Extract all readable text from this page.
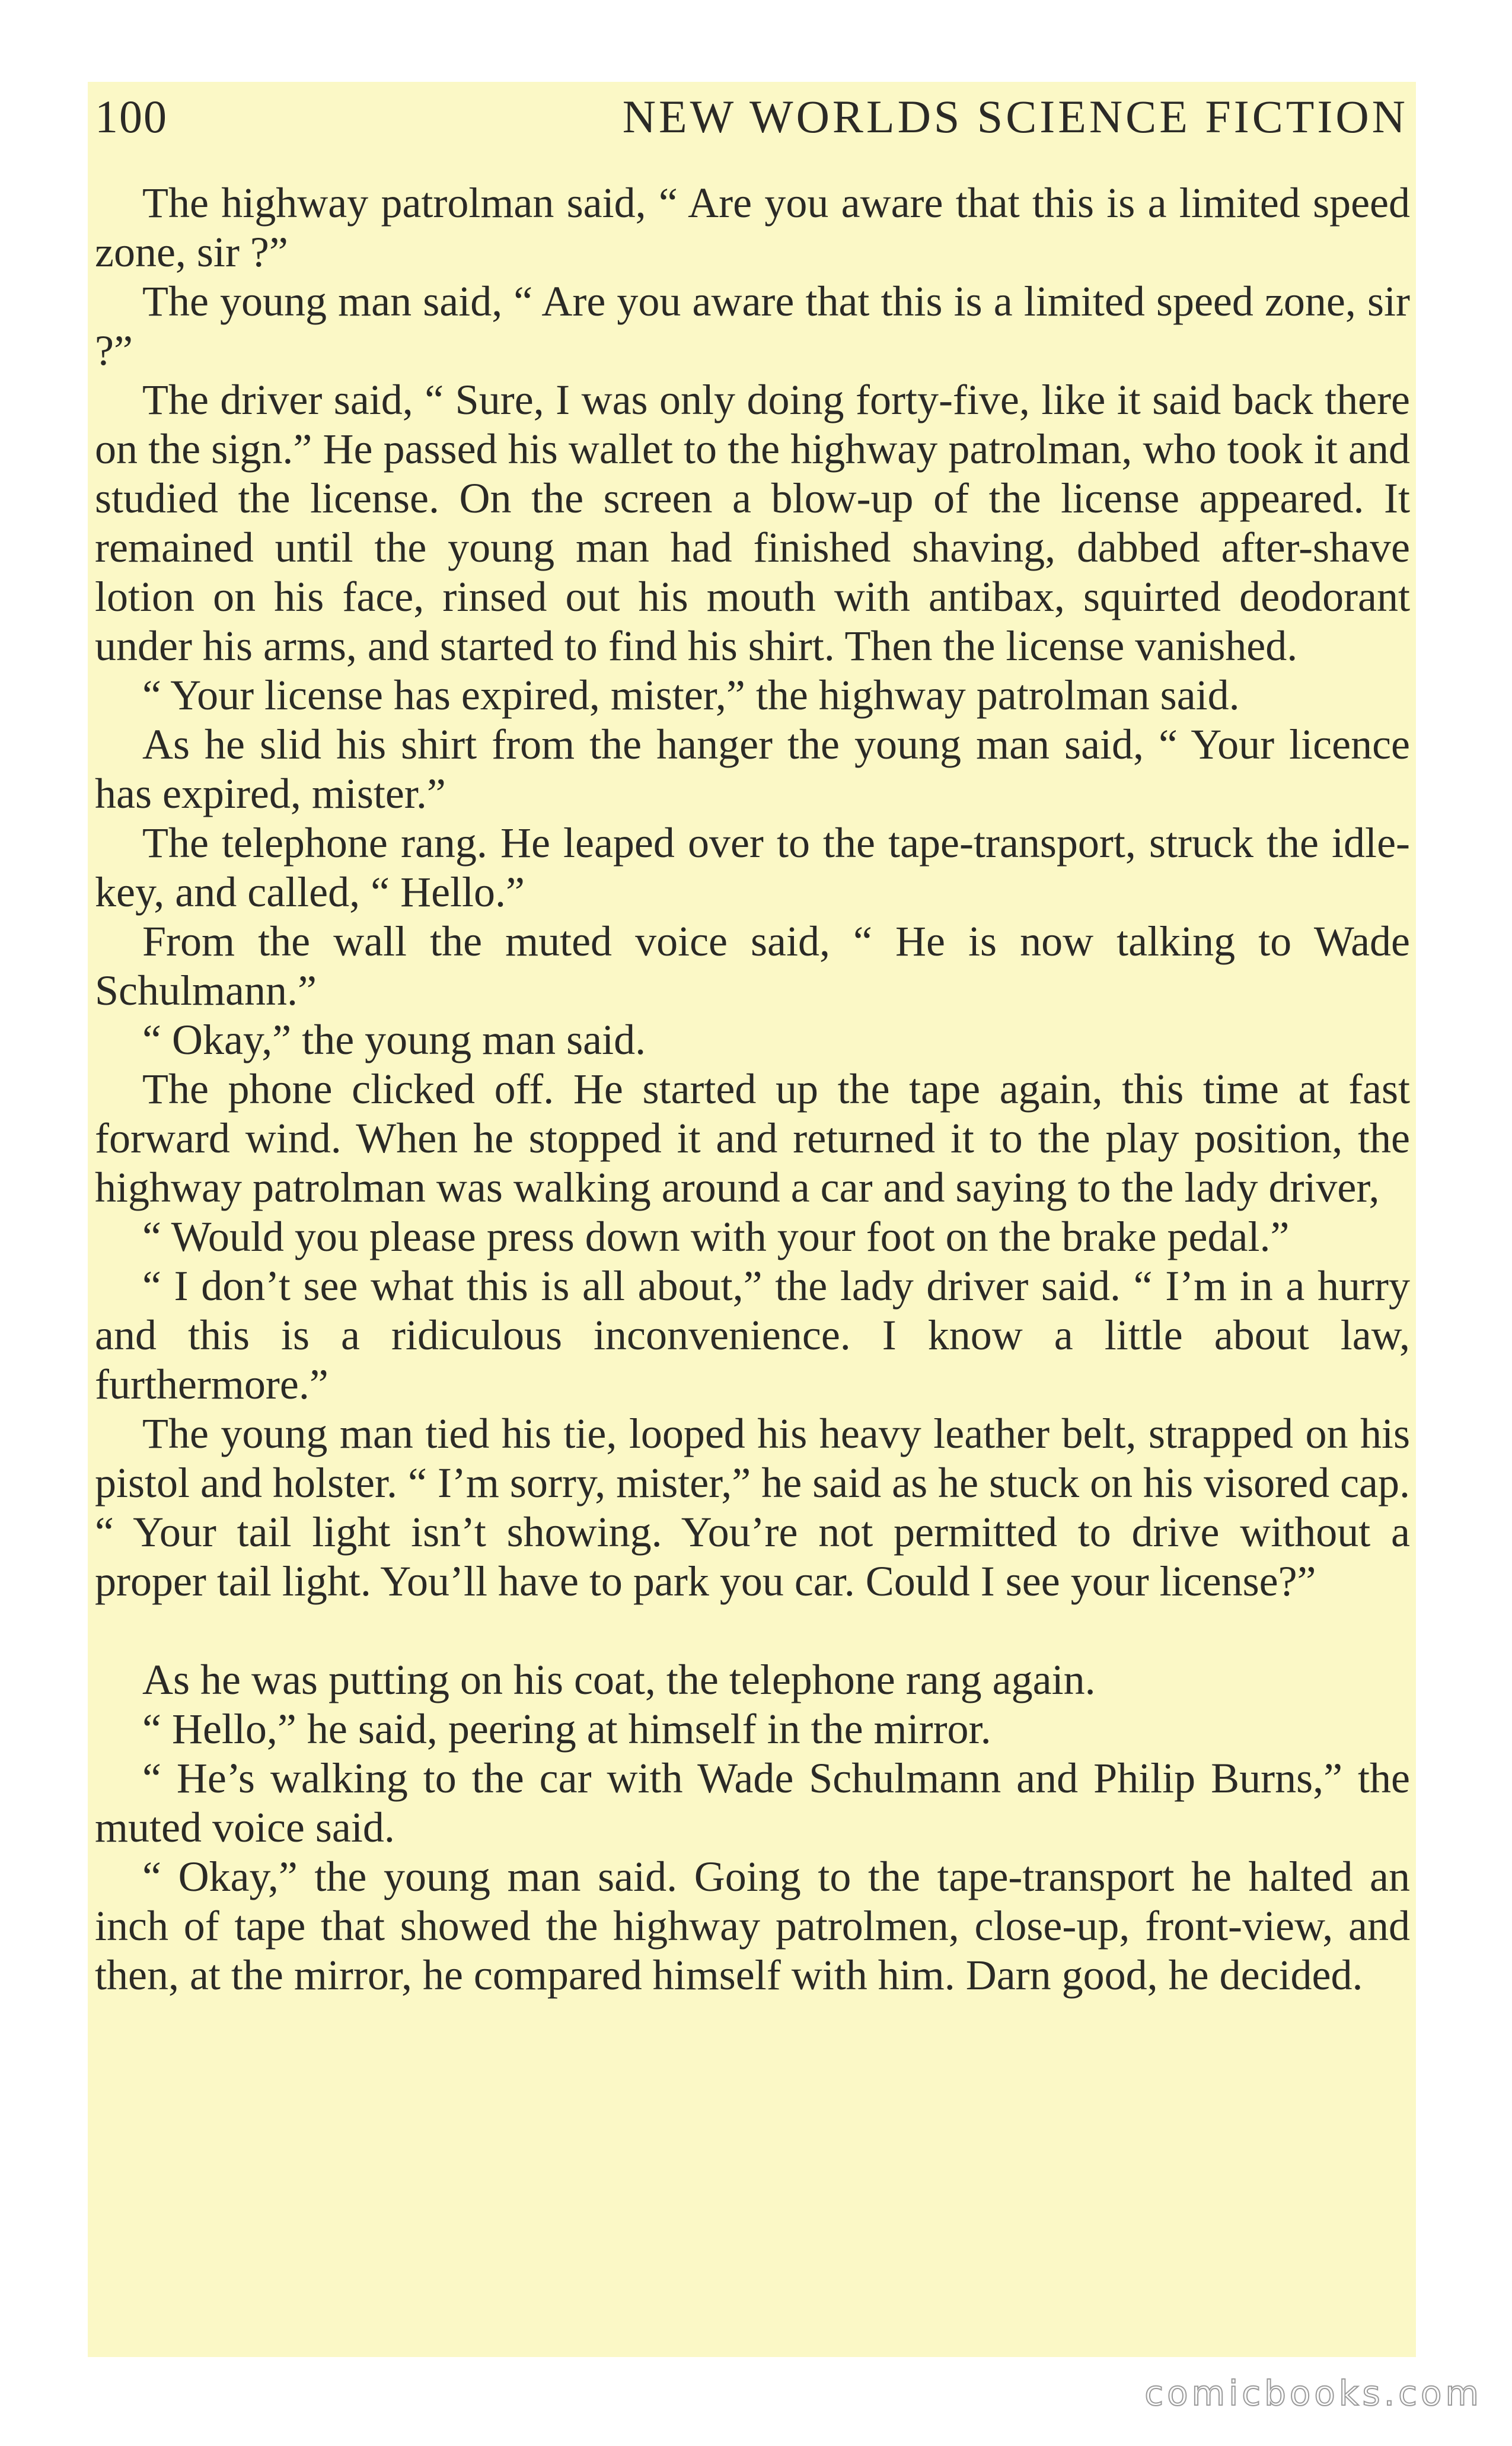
100	NEW WORLDS SCIENCE FICTION

The highway patrolman said, “ Are you aware that this is a limited speed zone, sir ?”

The young man said, “ Are you aware that this is a limited speed zone, sir ?”

The driver said, “ Sure, I was only doing forty-five, like it said back there on the sign.” He passed his wallet to the highway patrolman, who took it and studied the license. On the screen a blow-up of the license appeared. It remained until the young man had finished shaving, dabbed after-shave lotion on his face, rinsed out his mouth with antibax, squirted deodorant under his arms, and started to find his shirt. Then the license vanished.

“ Your license has expired, mister,” the highway patrolman said.

As he slid his shirt from the hanger the young man said, “ Your licence has expired, mister.”

The telephone rang. He leaped over to the tape-transport, struck the idle-key, and called, “ Hello.”

From the wall the muted voice said, “ He is now talking to Wade Schulmann.”

“ Okay,” the young man said.

The phone clicked off. He started up the tape again, this time at fast forward wind. When he stopped it and returned it to the play position, the highway patrolman was walking around a car and saying to the lady driver,

“ Would you please press down with your foot on the brake pedal.”

“ I don’t see what this is all about,” the lady driver said. “ I’m in a hurry and this is a ridiculous inconvenience. I know a little about law, furthermore.”

The young man tied his tie, looped his heavy leather belt, strapped on his pistol and holster. “ I’m sorry, mister,” he said as he stuck on his visored cap. “ Your tail light isn’t showing. You’re not permitted to drive without a proper tail light. You’ll have to park you car. Could I see your license?”

As he was putting on his coat, the telephone rang again.

“ Hello,” he said, peering at himself in the mirror.

“ He’s walking to the car with Wade Schulmann and Philip Burns,” the muted voice said.

“ Okay,” the young man said. Going to the tape-transport he halted an inch of tape that showed the highway patrolmen, close-up, front-view, and then, at the mirror, he compared himself with him. Darn good, he decided.

comicbooks.com
